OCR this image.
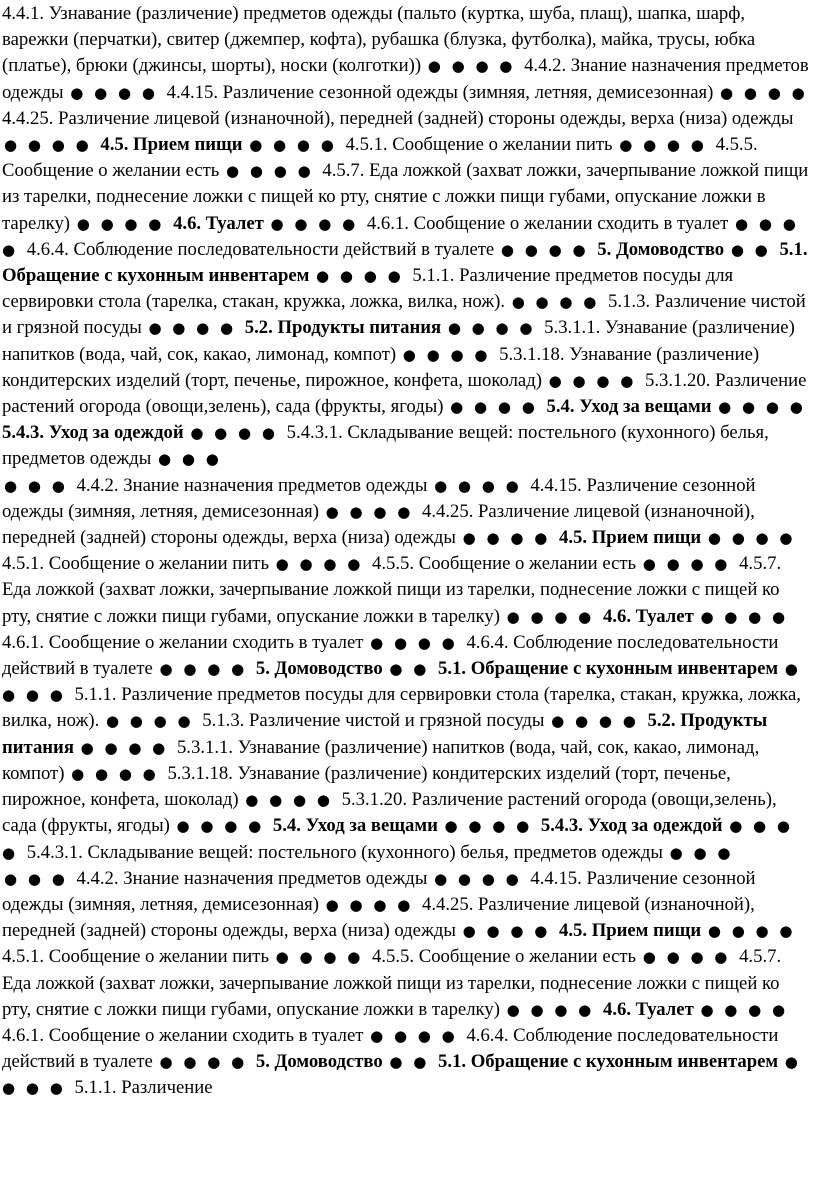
4.4.1. Узнавание (различение) предметов одежды (пальто (куртка, шуба, плащ), шапка, шарф, варежки (перчатки), свитер (джемпер, кофта), рубашка (блузка, футболка), майка, трусы, юбка (платье), брюки (джинсы, шорты), носки (колготки)) ● ● ● ● 4.4.2. Знание назначения предметов одежды ● ● ● ● 4.4.15. Различение сезонной одежды (зимняя, летняя, демисезонная) ● ● ● ● 4.4.25. Различение лицевой (изнаночной), передней (задней) стороны одежды, верха (низа) одежды ● ● ● ● 4.5. Прием пищи ● ● ● ● 4.5.1. Сообщение о желании пить ● ● ● ● 4.5.5. Сообщение о желании есть ● ● ● ● 4.5.7. Еда ложкой (захват ложки, зачерпывание ложкой пищи из тарелки, поднесение ложки с пищей ко рту, снятие с ложки пищи губами, опускание ложки в тарелку) ● ● ● ● 4.6. Туалет ● ● ● ● 4.6.1. Сообщение о желании сходить в туалет ● ● ● ● 4.6.4. Соблюдение последовательности действий в туалете ● ● ● ● 5. Домоводство ● ● 5.1. Обращение с кухонным инвентарем ● ● ● ● 5.1.1. Различение предметов посуды для сервировки стола (тарелка, стакан, кружка, ложка, вилка, нож). ● ● ● ● 5.1.3. Различение чистой и грязной посуды ● ● ● ● 5.2. Продукты питания ● ● ● ● 5.3.1.1. Узнавание (различение) напитков (вода, чай, сок, какао, лимонад, компот) ● ● ● ● 5.3.1.18. Узнавание (различение) кондитерских изделий (торт, печенье, пирожное, конфета, шоколад) ● ● ● ● 5.3.1.20. Различение растений огорода (овощи,зелень), сада (фрукты, ягоды) ● ● ● ● 5.4. Уход за вещами ● ● ● ● 5.4.3. Уход за одеждой ● ● ● ● 5.4.3.1. Складывание вещей: постельного (кухонного) белья, предметов одежды ● ● ●

● ● ● 4.4.2. Знание назначения предметов одежды ● ● ● ● 4.4.15. Различение сезонной одежды (зимняя, летняя, демисезонная) ● ● ● ● 4.4.25. Различение лицевой (изнаночной), передней (задней) стороны одежды, верха (низа) одежды ● ● ● ● 4.5. Прием пищи ● ● ● ● 4.5.1. Сообщение о желании пить ● ● ● ● 4.5.5. Сообщение о желании есть ● ● ● ● 4.5.7. Еда ложкой (захват ложки, зачерпывание ложкой пищи из тарелки, поднесение ложки с пищей ко рту, снятие с ложки пищи губами, опускание ложки в тарелку) ● ● ● ● 4.6. Туалет ● ● ● ● 4.6.1. Сообщение о желании сходить в туалет ● ● ● ● 4.6.4. Соблюдение последовательности действий в туалете ● ● ● ● 5. Домоводство ● ● 5.1. Обращение с кухонным инвентарем ● ● ● ● 5.1.1. Различение предметов посуды для сервировки стола (тарелка, стакан, кружка, ложка, вилка, нож). ● ● ● ● 5.1.3. Различение чистой и грязной посуды ● ● ● ● 5.2. Продукты питания ● ● ● ● 5.3.1.1. Узнавание (различение) напитков (вода, чай, сок, какао, лимонад, компот) ● ● ● ● 5.3.1.18. Узнавание (различение) кондитерских изделий (торт, печенье, пирожное, конфета, шоколад) ● ● ● ● 5.3.1.20. Различение растений огорода (овощи,зелень), сада (фрукты, ягоды) ● ● ● ● 5.4. Уход за вещами ● ● ● ● 5.4.3. Уход за одеждой ● ● ● ● 5.4.3.1. Складывание вещей: постельного (кухонного) белья, предметов одежды ● ● ●

● ● ● 4.4.2. Знание назначения предметов одежды ● ● ● ● 4.4.15. Различение сезонной одежды (зимняя, летняя, демисезонная) ● ● ● ● 4.4.25. Различение лицевой (изнаночной), передней (задней) стороны одежды, верха (низа) одежды ● ● ● ● 4.5. Прием пищи ● ● ● ● 4.5.1. Сообщение о желании пить ● ● ● ● 4.5.5. Сообщение о желании есть ● ● ● ● 4.5.7. Еда ложкой (захват ложки, зачерпывание ложкой пищи из тарелки, поднесение ложки с пищей ко рту, снятие с ложки пищи губами, опускание ложки в тарелку) ● ● ● ● 4.6. Туалет ● ● ● ● 4.6.1. Сообщение о желании сходить в туалет ● ● ● ● 4.6.4. Соблюдение последовательности действий в туалете ● ● ● ● 5. Домоводство ● ● 5.1. Обращение с кухонным инвентарем ● ● ● ● 5.1.1. Различение
